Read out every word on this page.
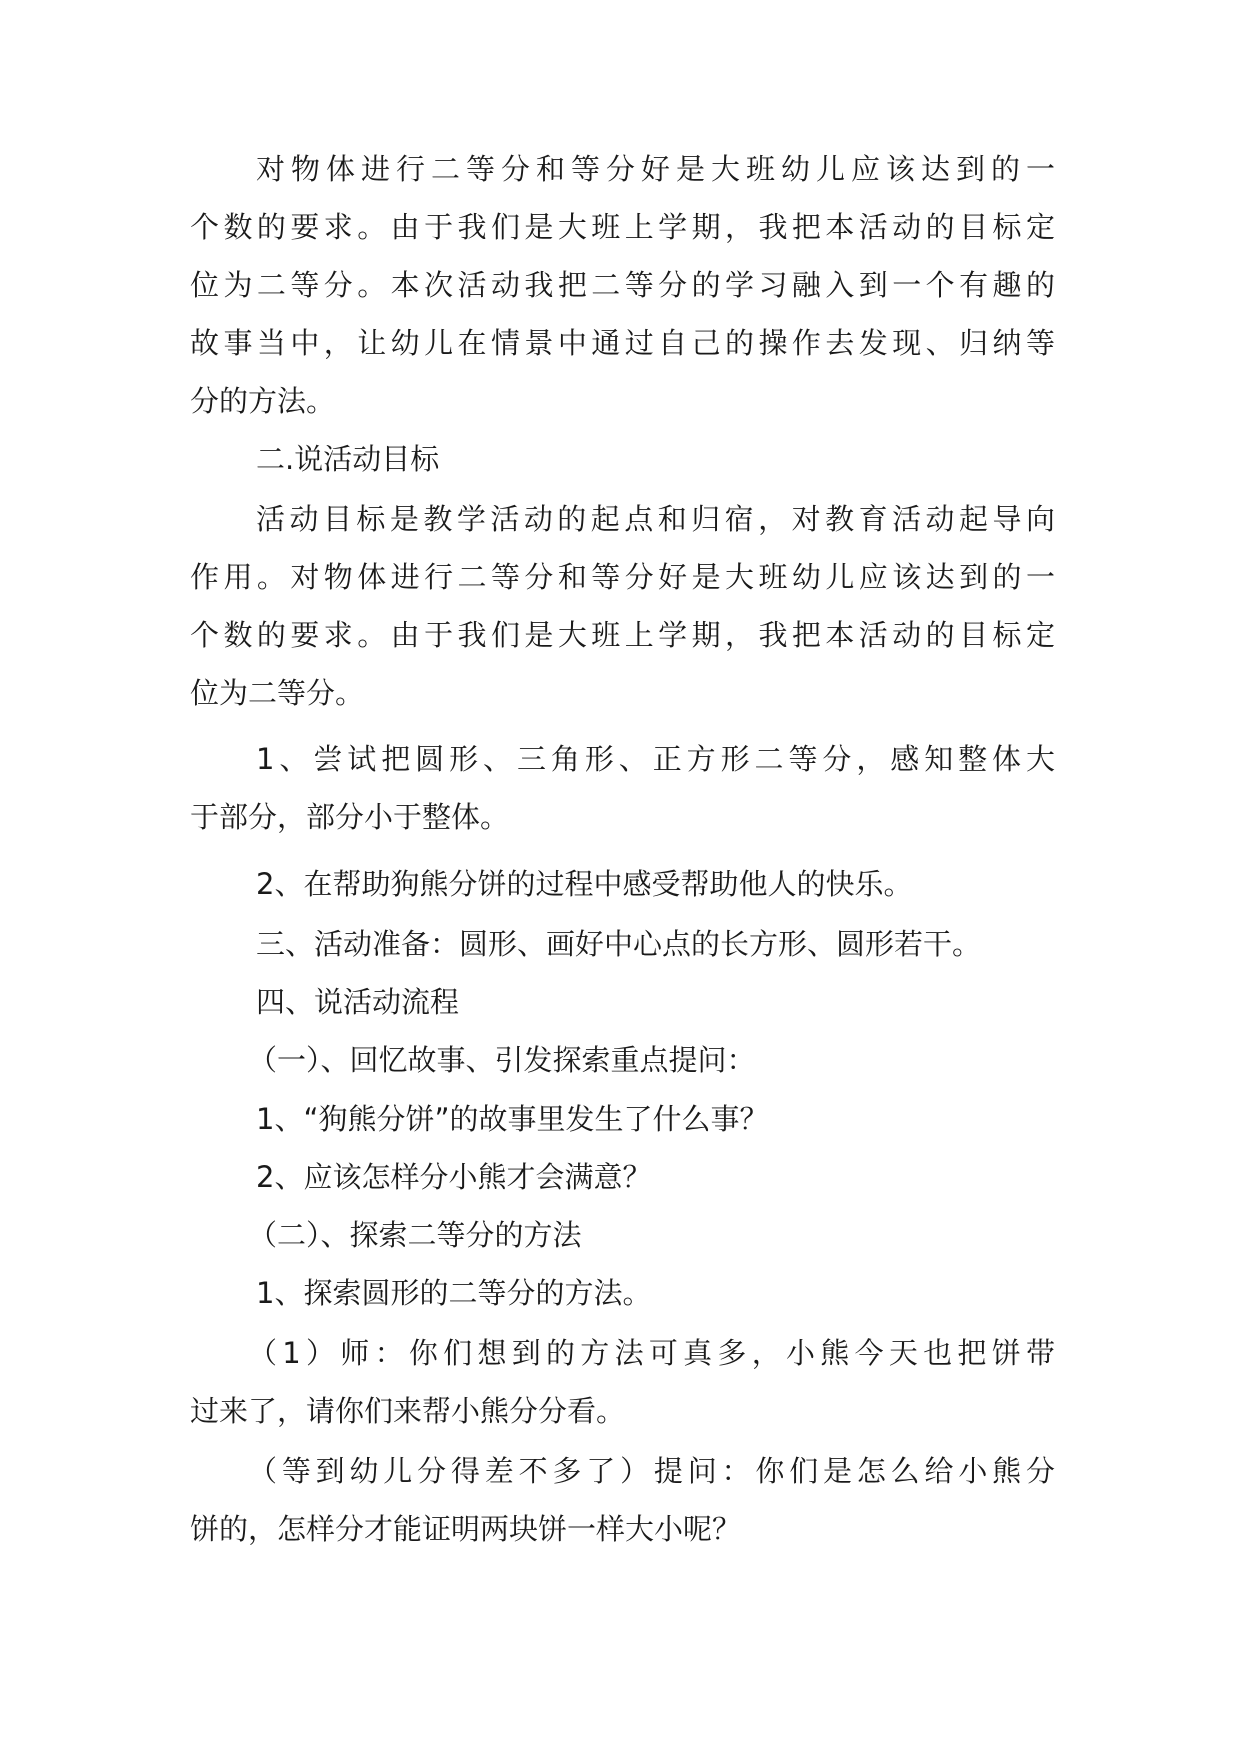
对物体进行二等分和等分好是大班幼儿应该达到的一

个数的要求。由于我们是大班上学期，我把本活动的目标定

位为二等分。本次活动我把二等分的学习融入到一个有趣的

故事当中，让幼儿在情景中通过自己的操作去发现、归纳等

分的方法。

二.说活动目标

活动目标是教学活动的起点和归宿，对教育活动起导向

作用。对物体进行二等分和等分好是大班幼儿应该达到的一

个数的要求。由于我们是大班上学期，我把本活动的目标定

位为二等分。

1、尝试把圆形、三角形、正方形二等分，感知整体大

于部分，部分小于整体。

2、在帮助狗熊分饼的过程中感受帮助他人的快乐。

三、活动准备：圆形、画好中心点的长方形、圆形若干。

四、说活动流程

（一）、回忆故事、引发探索重点提问：

1、“狗熊分饼”的故事里发生了什么事？

2、应该怎样分小熊才会满意？

（二）、探索二等分的方法

1、探索圆形的二等分的方法。

（1）师：你们想到的方法可真多，小熊今天也把饼带

过来了，请你们来帮小熊分分看。

（等到幼儿分得差不多了）提问：你们是怎么给小熊分

饼的，怎样分才能证明两块饼一样大小呢？
